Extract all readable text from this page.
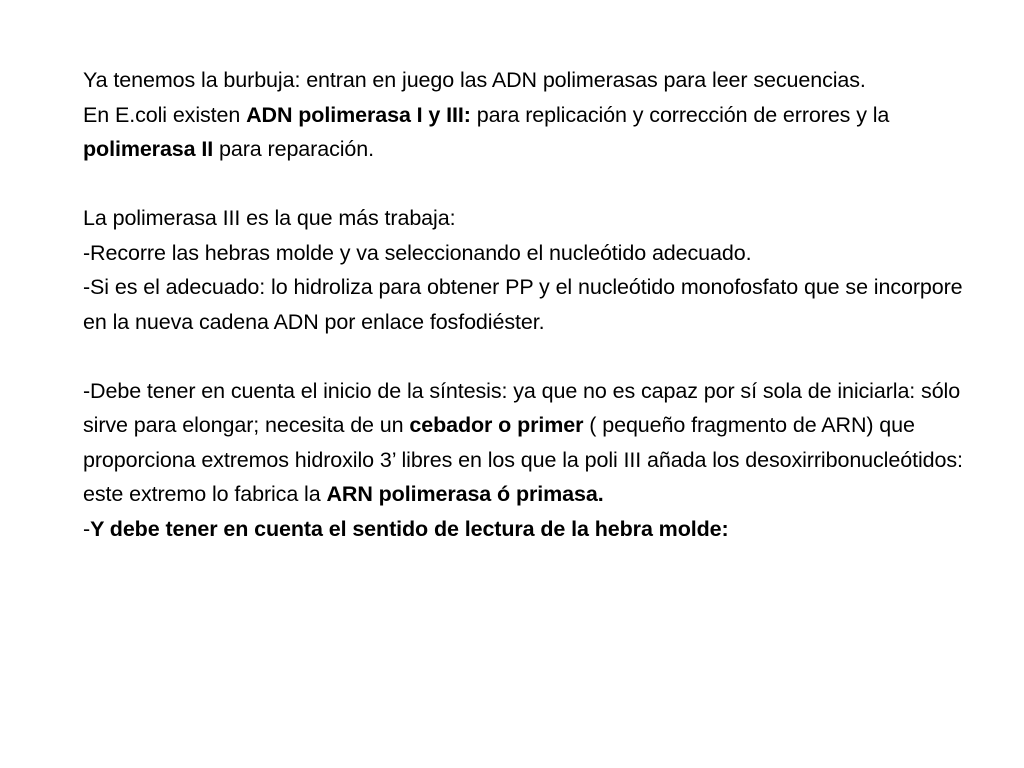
Ya tenemos la burbuja: entran en juego las ADN polimerasas para leer secuencias.

En E.coli existen ADN polimerasa I y III: para replicación y corrección de errores y la polimerasa II para reparación.

La polimerasa III es la que más trabaja:

-Recorre las hebras molde y va seleccionando el nucleótido adecuado.

-Si es el adecuado: lo hidroliza para obtener PP y el nucleótido monofosfato que se incorpore en la nueva cadena ADN por enlace fosfodiéster.

-Debe tener en cuenta el inicio de la síntesis: ya que no es capaz por sí sola de iniciarla: sólo sirve para elongar; necesita de un cebador o primer ( pequeño fragmento de ARN) que proporciona extremos hidroxilo 3’ libres en los que la poli III añada los desoxirribonucleótidos: este extremo lo fabrica la ARN polimerasa ó primasa.

-Y debe tener en cuenta el sentido de lectura de la hebra molde:
